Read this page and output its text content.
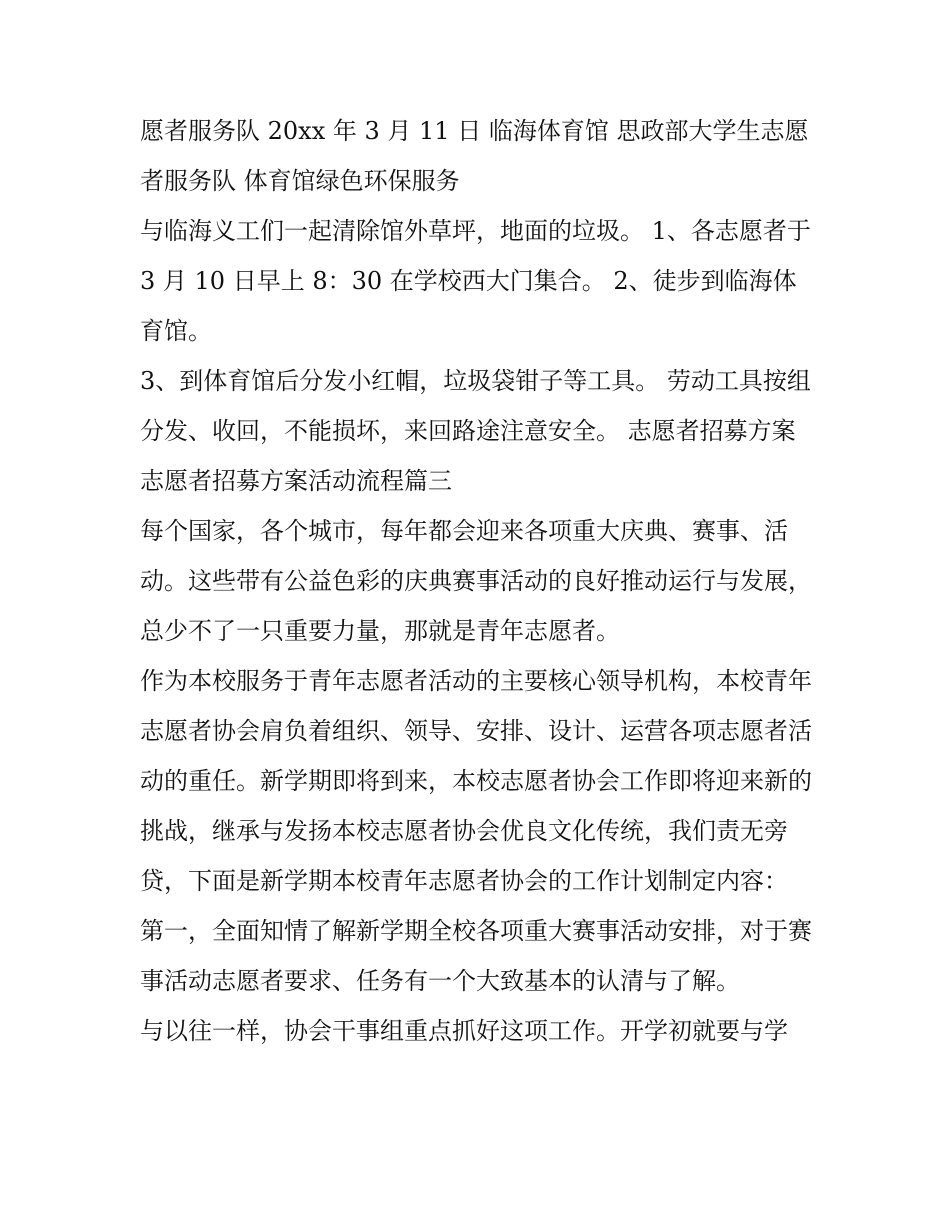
愿者服务队 20xx 年 3 月 11 日 临海体育馆 思政部大学生志愿者服务队 体育馆绿色环保服务

与临海义工们一起清除馆外草坪，地面的垃圾。 1、各志愿者于 3 月 10 日早上 8：30 在学校西大门集合。 2、徒步到临海体育馆。

3、到体育馆后分发小红帽，垃圾袋钳子等工具。 劳动工具按组分发、收回，不能损坏，来回路途注意安全。 志愿者招募方案 志愿者招募方案活动流程篇三

每个国家，各个城市，每年都会迎来各项重大庆典、赛事、活动。这些带有公益色彩的庆典赛事活动的良好推动运行与发展，总少不了一只重要力量，那就是青年志愿者。

作为本校服务于青年志愿者活动的主要核心领导机构，本校青年志愿者协会肩负着组织、领导、安排、设计、运营各项志愿者活动的重任。新学期即将到来，本校志愿者协会工作即将迎来新的挑战，继承与发扬本校志愿者协会优良文化传统，我们责无旁贷，下面是新学期本校青年志愿者协会的工作计划制定内容：

第一，全面知情了解新学期全校各项重大赛事活动安排，对于赛事活动志愿者要求、任务有一个大致基本的认清与了解。

与以往一样，协会干事组重点抓好这项工作。开学初就要与学
